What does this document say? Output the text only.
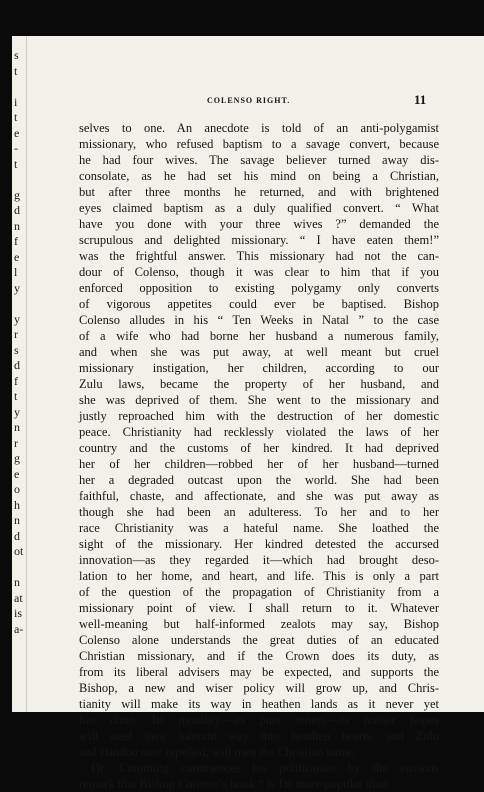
s
t
i
t
e
-
t
g
d
n
f
e
l
y
y
r
s
d
f
t
y
n
r
g
e
o
h
n
d
ot
n
at
is
a-
COLENSO RIGHT.	11
selves to one. An anecdote is told of an anti-polygamist
missionary, who refused baptism to a savage convert, because
he had four wives. The savage believer turned away dis-
consolate, as he had set his mind on being a Christian,
but after three months he returned, and with brightened
eyes claimed baptism as a duly qualified convert. “ What
have you done with your three wives ?” demanded the
scrupulous and delighted missionary. “ I have eaten them!”
was the frightful answer. This missionary had not the can-
dour of Colenso, though it was clear to him that if you
enforced opposition to existing polygamy only converts
of vigorous appetites could ever be baptised. Bishop
Colenso alludes in his “ Ten Weeks in Natal ” to the case
of a wife who had borne her husband a numerous family,
and when she was put away, at well meant but cruel
missionary instigation, her children, according to our
Zulu laws, became the property of her husband, and
she was deprived of them. She went to the missionary and
justly reproached him with the destruction of her domestic
peace. Christianity had recklessly violated the laws of her
country and the customs of her kindred. It had deprived
her of her children—robbed her of her husband—turned
her a degraded outcast upon the world. She had been
faithful, chaste, and affectionate, and she was put away as
though she had been an adulteress. To her and to her
race Christianity was a hateful name. She loathed the
sight of the missionary. Her kindred detested the accursed
innovation—as they regarded it—which had brought deso-
lation to her home, and heart, and life. This is only a part
of the question of the propagation of Christianity from a
missionary point of view. I shall return to it. Whatever
well-meaning but half-informed zealots may say, Bishop
Colenso alone understands the great duties of an educated
Christian missionary, and if the Crown does its duty, as
from its liberal advisers may be expected, and supports the
Bishop, a new and wiser policy will grow up, and Chris-
tianity will make its way in heathen lands as it never yet
has done. Its morality—its pure tenets—its nobler hopes
will steal their tolerant way into heathen hearts, and Zulu
and Hindoo now repelled, will own the Christian name.
Dr. Cumming commences his publication by the envious
remark that Bishop Colenso’s book “ is far more popular than
